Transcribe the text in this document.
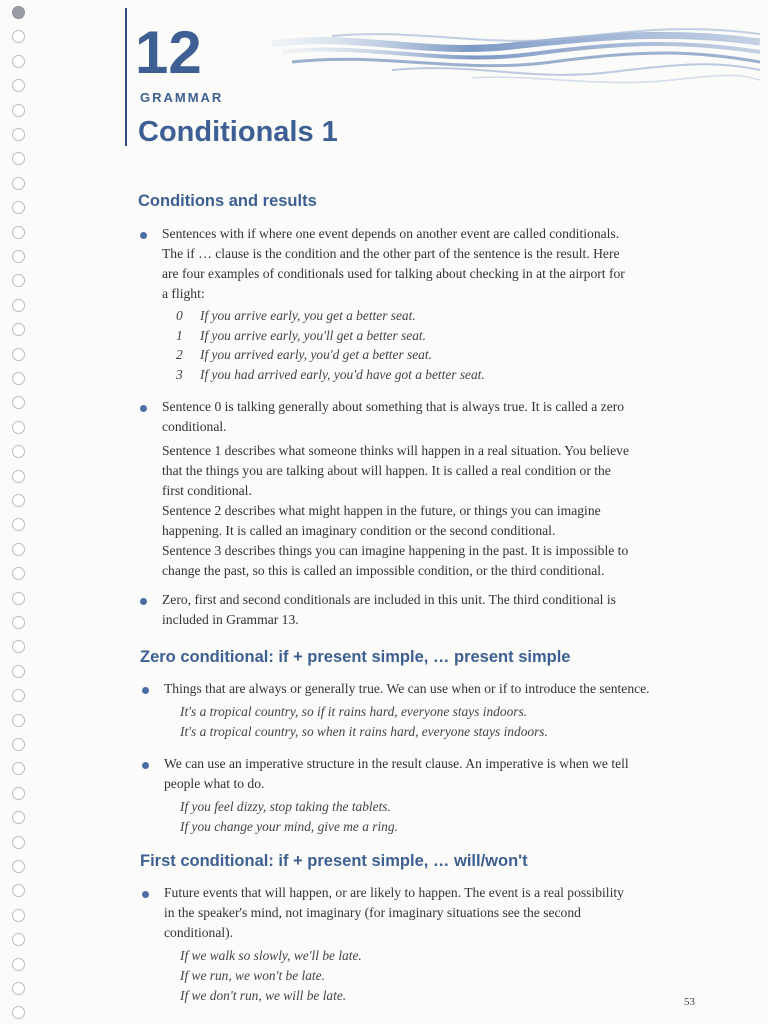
12
GRAMMAR
Conditionals 1
Conditions and results

Sentences with if where one event depends on another event are called conditionals.
The if … clause is the condition and the other part of the sentence is the result. Here
are four examples of conditionals used for talking about checking in at the airport for
a flight:

0 If you arrive early, you get a better seat.
1 If you arrive early, you'll get a better seat.
2 If you arrived early, you'd get a better seat.
3 If you had arrived early, you'd have got a better seat.

Sentence 0 is talking generally about something that is always true. It is called a zero
conditional.

Sentence 1 describes what someone thinks will happen in a real situation. You believe
that the things you are talking about will happen. It is called a real condition or the
first conditional.
Sentence 2 describes what might happen in the future, or things you can imagine
happening. It is called an imaginary condition or the second conditional.
Sentence 3 describes things you can imagine happening in the past. It is impossible to
change the past, so this is called an impossible condition, or the third conditional.

Zero, first and second conditionals are included in this unit. The third conditional is
included in Grammar 13.

Zero conditional: if + present simple, … present simple

Things that are always or generally true. We can use when or if to introduce the sentence.

It's a tropical country, so if it rains hard, everyone stays indoors.

It's a tropical country, so when it rains hard, everyone stays indoors.

We can use an imperative structure in the result clause. An imperative is when we tell
people what to do.

If you feel dizzy, stop taking the tablets.

If you change your mind, give me a ring.

First conditional: if + present simple, … will/won't

Future events that will happen, or are likely to happen. The event is a real possibility
in the speaker's mind, not imaginary (for imaginary situations see the second
conditional).

If we walk so slowly, we'll be late.

If we run, we won't be late.

If we don't run, we will be late.	53
